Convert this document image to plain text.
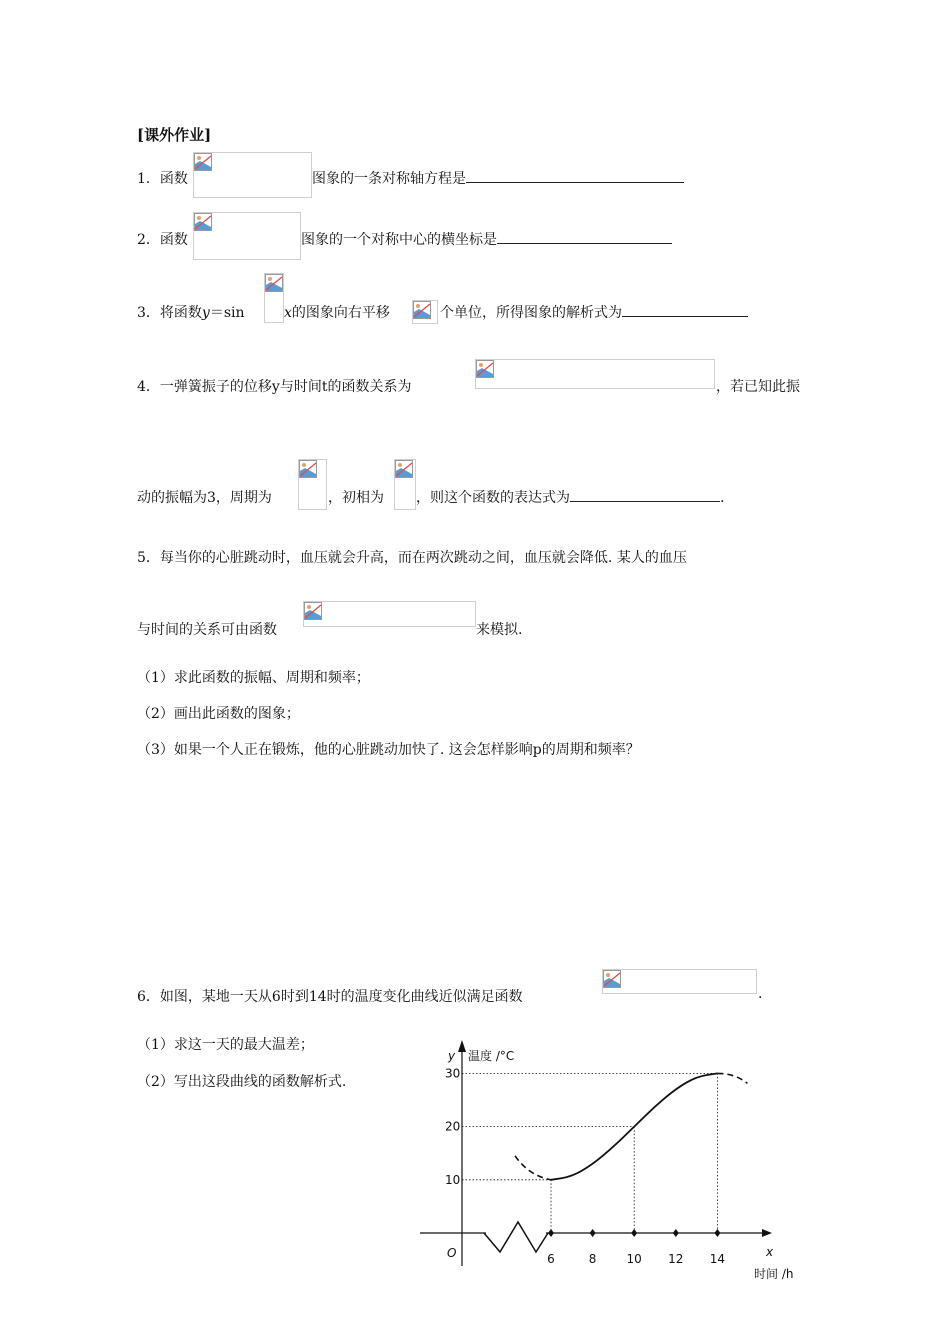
[课外作业]
1．函数	图象的一条对称轴方程是
2．函数	图象的一个对称中心的横坐标是
3．将函数y＝sin	x的图象向右平移	个单位，所得图象的解析式为
4．一弹簧振子的位移y与时间t的函数关系为	，若已知此振
动的振幅为3，周期为	，初相为 ，则这个函数的表达式为	.
5．每当你的心脏跳动时，血压就会升高，而在两次跳动之间，血压就会降低. 某人的血压
与时间的关系可由函数	来模拟.
（1）求此函数的振幅、周期和频率；
（2）画出此函数的图象；
（3）如果一个人正在锻炼，他的心脏跳动加快了. 这会怎样影响p的周期和频率？
6．如图，某地一天从6时到14时的温度变化曲线近似满足函数	.
（1）求这一天的最大温差；
（2）写出这段曲线的函数解析式.
y 温度 /°C
x
时间 /h
O
10
20
30
6	8	10 12 14
